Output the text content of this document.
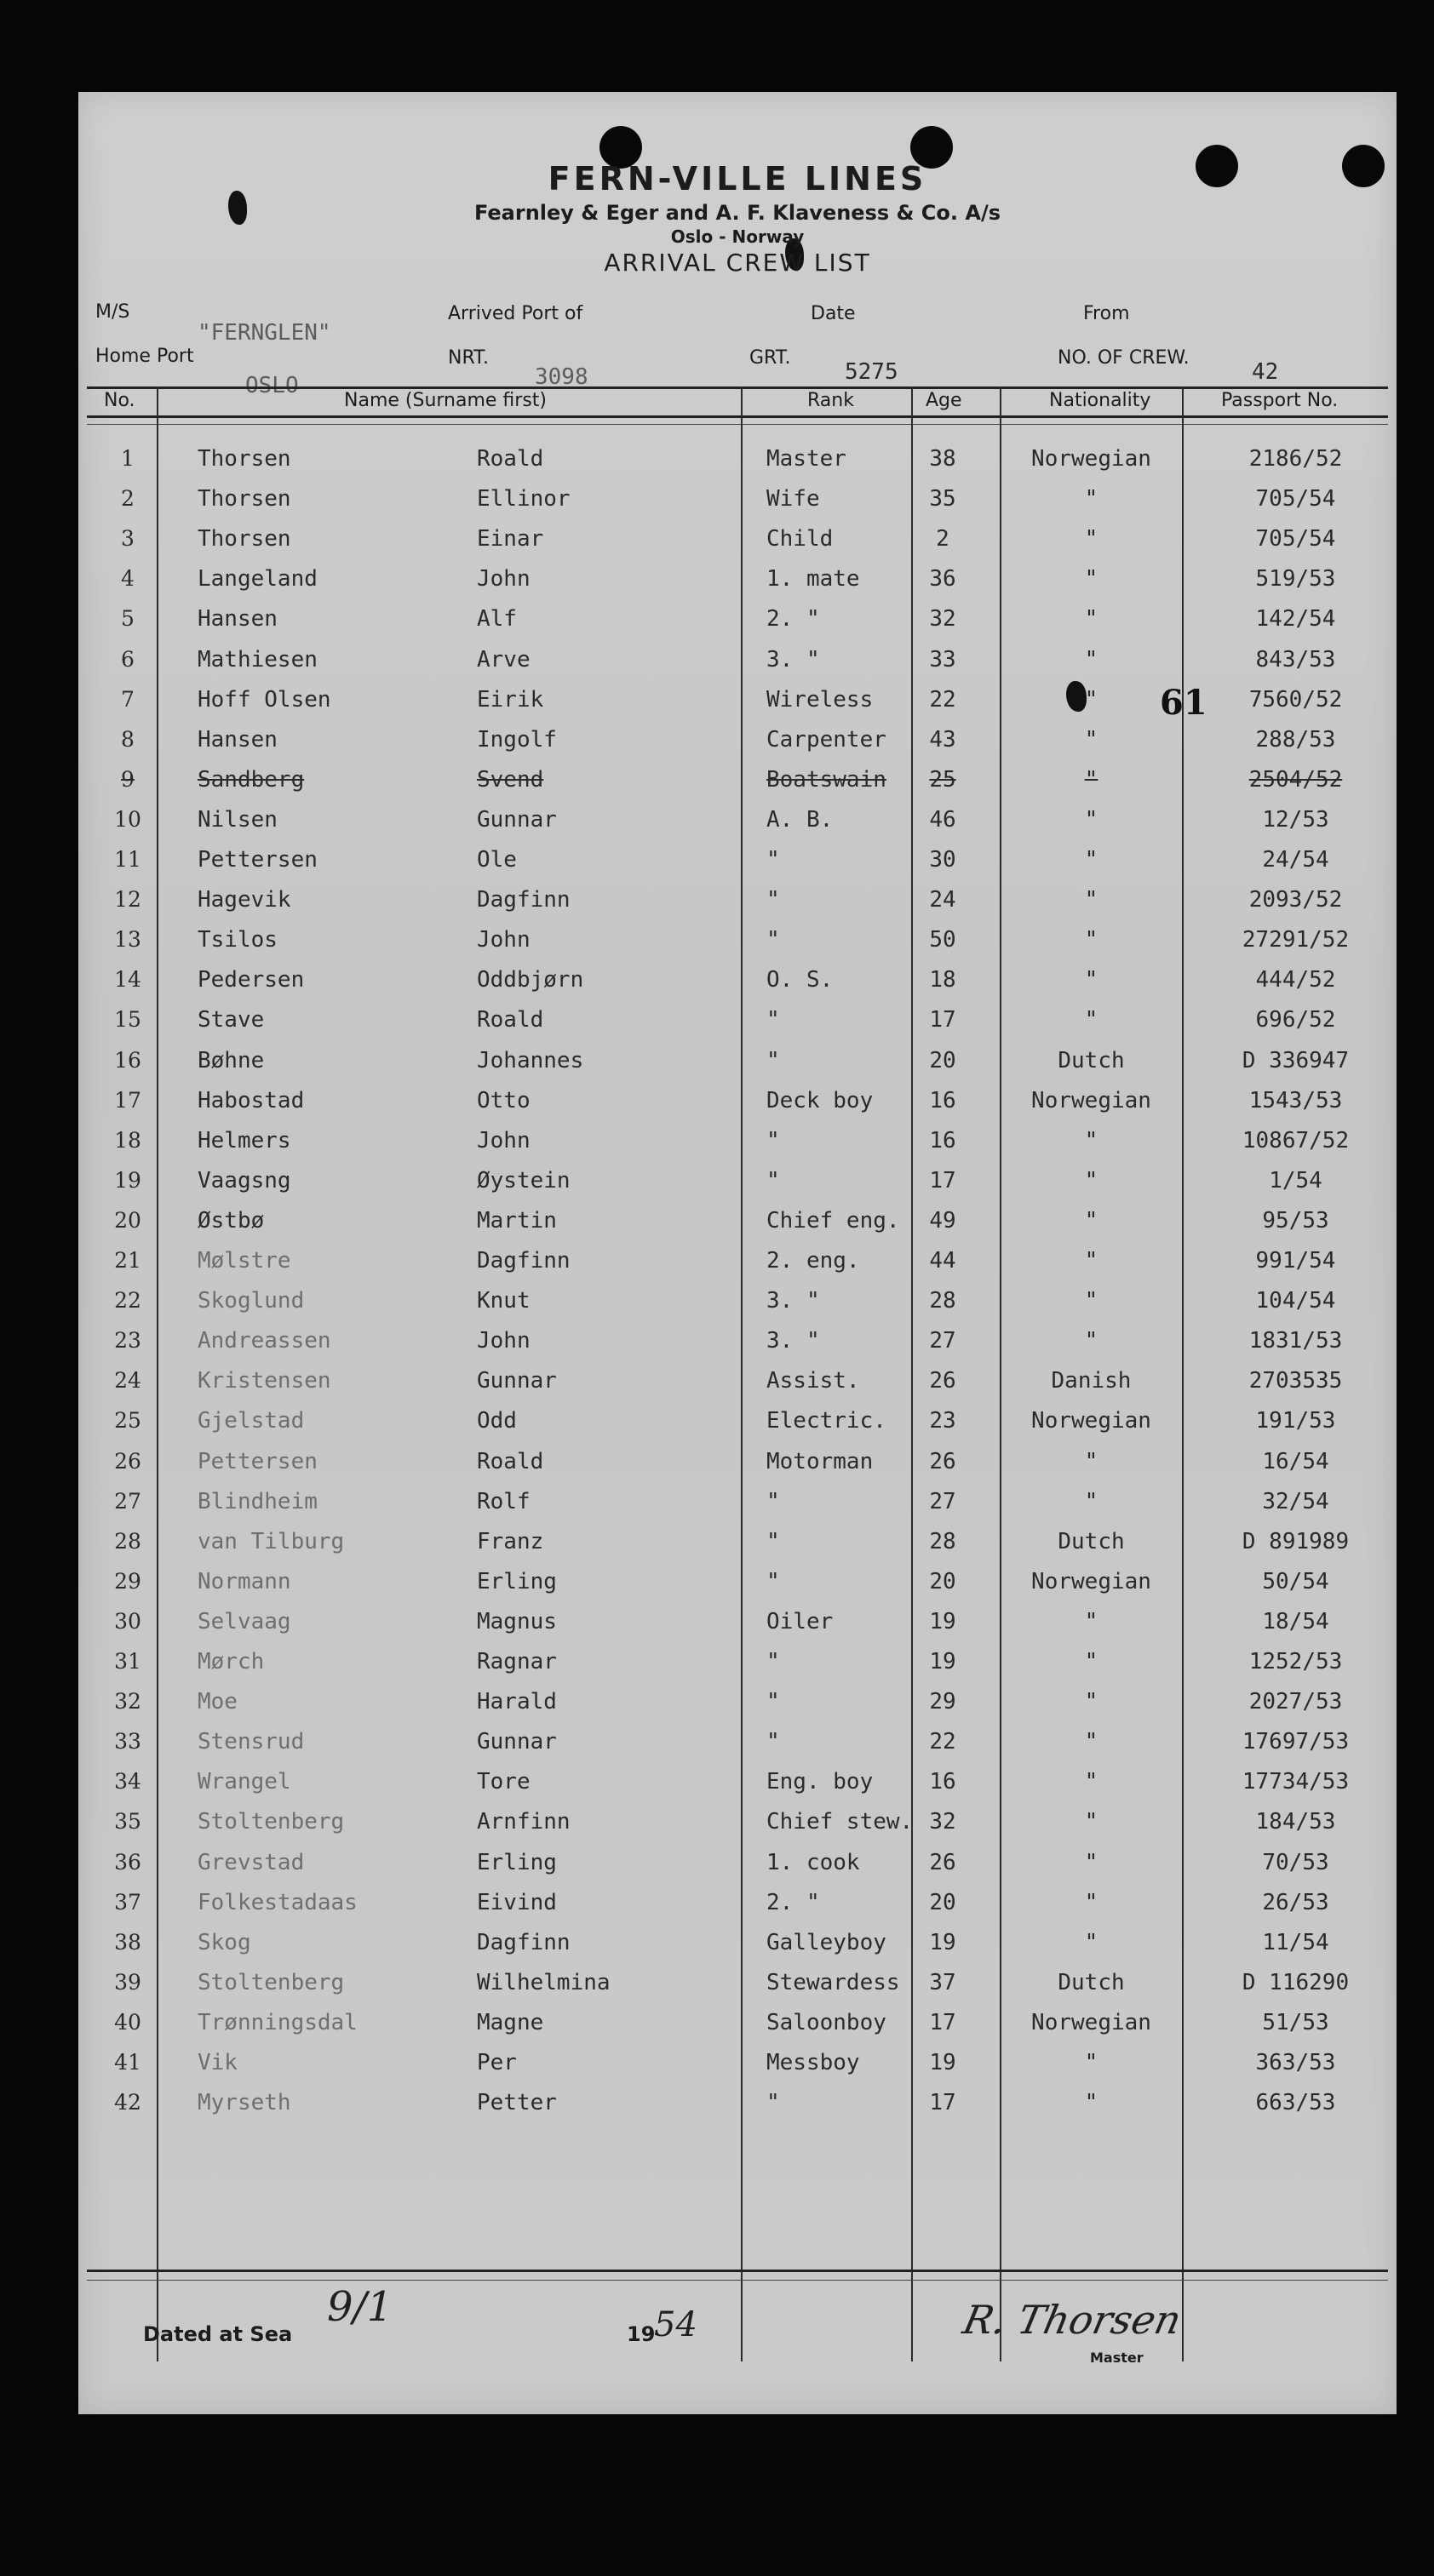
FERN-VILLE LINES
Fearnley & Eger and A. F. Klaveness & Co. A/s
Oslo - Norway
ARRIVAL CREW LIST
M/S
"FERNGLEN"
Arrived Port of	Date	From
Home Port
OSLO
NRT.
3098
GRT.
5275
NO. OF CREW.
42
No.	Name (Surname first)	Rank	Age	Nationality	Passport No.
1	Thorsen	Roald	Master	38	Norwegian	2186/52
2	Thorsen	Ellinor	Wife	35	"	705/54
3	Thorsen	Einar	Child	2	"	705/54
4	Langeland	John	1. mate	36	"	519/53
5	Hansen	Alf	2. "	32	"	142/54
6	Mathiesen	Arve	3. "	33	"	843/53
7	Hoff Olsen	Eirik	Wireless	22	"	7560/52
8	Hansen	Ingolf	Carpenter	43	"	288/53
9	Sandberg	Svend	Boatswain	25	"	2504/52
10	Nilsen	Gunnar	A. B.	46	"	12/53
11	Pettersen	Ole	"	30	"	24/54
12	Hagevik	Dagfinn	"	24	"	2093/52
13	Tsilos	John	"	50	"	27291/52
14	Pedersen	Oddbjørn	O. S.	18	"	444/52
15	Stave	Roald	"	17	"	696/52
16	Bøhne	Johannes	"	20	Dutch	D 336947
17	Habostad	Otto	Deck boy	16	Norwegian	1543/53
18	Helmers	John	"	16	"	10867/52
19	Vaagsng	Øystein	"	17	"	1/54
20	Østbø	Martin	Chief eng.	49	"	95/53
21	Mølstre	Dagfinn	2. eng.	44	"	991/54
22	Skoglund	Knut	3. "	28	"	104/54
23	Andreassen	John	3. "	27	"	1831/53
24	Kristensen	Gunnar	Assist.	26	Danish	2703535
25	Gjelstad	Odd	Electric.	23	Norwegian	191/53
26	Pettersen	Roald	Motorman	26	"	16/54
27	Blindheim	Rolf	"	27	"	32/54
28	van Tilburg	Franz	"	28	Dutch	D 891989
29	Normann	Erling	"	20	Norwegian	50/54
30	Selvaag	Magnus	Oiler	19	"	18/54
31	Mørch	Ragnar	"	19	"	1252/53
32	Moe	Harald	"	29	"	2027/53
33	Stensrud	Gunnar	"	22	"	17697/53
34	Wrangel	Tore	Eng. boy	16	"	17734/53
35	Stoltenberg	Arnfinn	Chief stew. 32	"	184/53
36	Grevstad	Erling	1. cook	26	"	70/53
37	Folkestadaas	Eivind	2. "	20	"	26/53
38	Skog	Dagfinn	Galleyboy	19	"	11/54
39	Stoltenberg	Wilhelmina	Stewardess	37	Dutch	D 116290
40	Trønningsdal	Magne	Saloonboy	17	Norwegian	51/53
41	Vik	Per	Messboy	19	"	363/53
42	Myrseth	Petter	"	17	"	663/53
61
Dated at Sea
9/1
19
54	R. Thorsen
Master
